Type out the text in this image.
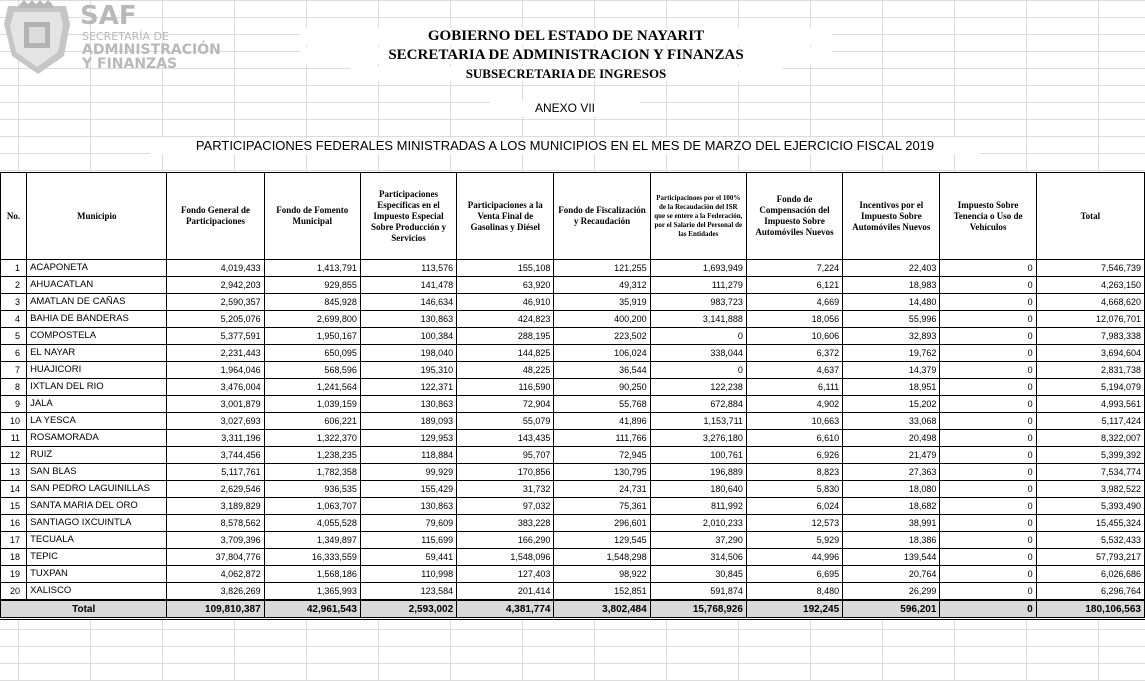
SAF
SECRETARÍA DE
ADMINISTRACIÓN
Y FINANZAS
GOBIERNO DEL ESTADO DE NAYARIT
SECRETARIA DE ADMINISTRACION Y FINANZAS
SUBSECRETARIA DE INGRESOS
ANEXO VII
PARTICIPACIONES FEDERALES MINISTRADAS A LOS MUNICIPIOS EN EL MES DE MARZO DEL EJERCICIO FISCAL 2019
No.	Municipio	Fondo General de Participaciones	Fondo de Fomento Municipal	Participaciones Específicas en el Impuesto Especial Sobre Producción y Servicios	Participaciones a la Venta Final de Gasolinas y Diésel	Fondo de Fiscalización y Recaudación	Participacinoes por el 100% de la Recaudación del ISR que se entere a la Federación, por el Salario del Personal de las Entidades	Fondo de Compensación del Impuesto Sobre Automóviles Nuevos	Incentivos por el Impuesto Sobre Automóviles Nuevos	Impuesto Sobre Tenencia o Uso de Vehículos	Total
1	ACAPONETA	4,019,433	1,413,791	113,576	155,108	121,255	1,693,949	7,224	22,403	0	7,546,739
2	AHUACATLAN	2,942,203	929,855	141,478	63,920	49,312	111,279	6,121	18,983	0	4,263,150
3	AMATLAN DE CAÑAS	2,590,357	845,928	146,634	46,910	35,919	983,723	4,669	14,480	0	4,668,620
4	BAHIA DE BANDERAS	5,205,076	2,699,800	130,863	424,823	400,200	3,141,888	18,056	55,996	0	12,076,701
5	COMPOSTELA	5,377,591	1,950,167	100,384	288,195	223,502	0	10,606	32,893	0	7,983,338
6	EL NAYAR	2,231,443	650,095	198,040	144,825	106,024	338,044	6,372	19,762	0	3,694,604
7	HUAJICORI	1,964,046	568,596	195,310	48,225	36,544	0	4,637	14,379	0	2,831,738
8	IXTLAN DEL RIO	3,476,004	1,241,564	122,371	116,590	90,250	122,238	6,111	18,951	0	5,194,079
9	JALA	3,001,879	1,039,159	130,863	72,904	55,768	672,884	4,902	15,202	0	4,993,561
10	LA YESCA	3,027,693	606,221	189,093	55,079	41,896	1,153,711	10,663	33,068	0	5,117,424
11	ROSAMORADA	3,311,196	1,322,370	129,953	143,435	111,766	3,276,180	6,610	20,498	0	8,322,007
12	RUIZ	3,744,456	1,238,235	118,884	95,707	72,945	100,761	6,926	21,479	0	5,399,392
13	SAN BLAS	5,117,761	1,782,358	99,929	170,856	130,795	196,889	8,823	27,363	0	7,534,774
14	SAN PEDRO LAGUINILLAS	2,629,546	936,535	155,429	31,732	24,731	180,640	5,830	18,080	0	3,982,522
15	SANTA MARIA DEL ORO	3,189,829	1,063,707	130,863	97,032	75,361	811,992	6,024	18,682	0	5,393,490
16	SANTIAGO IXCUINTLA	8,578,562	4,055,528	79,609	383,228	296,601	2,010,233	12,573	38,991	0	15,455,324
17	TECUALA	3,709,396	1,349,897	115,699	166,290	129,545	37,290	5,929	18,386	0	5,532,433
18	TEPIC	37,804,776	16,333,559	59,441	1,548,096	1,548,298	314,506	44,996	139,544	0	57,793,217
19	TUXPAN	4,062,872	1,568,186	110,998	127,403	98,922	30,845	6,695	20,764	0	6,026,686
20	XALISCO	3,826,269	1,365,993	123,584	201,414	152,851	591,874	8,480	26,299	0	6,296,764
Total		109,810,387	42,961,543	2,593,002	4,381,774	3,802,484	15,768,926	192,245	596,201	0	180,106,563
